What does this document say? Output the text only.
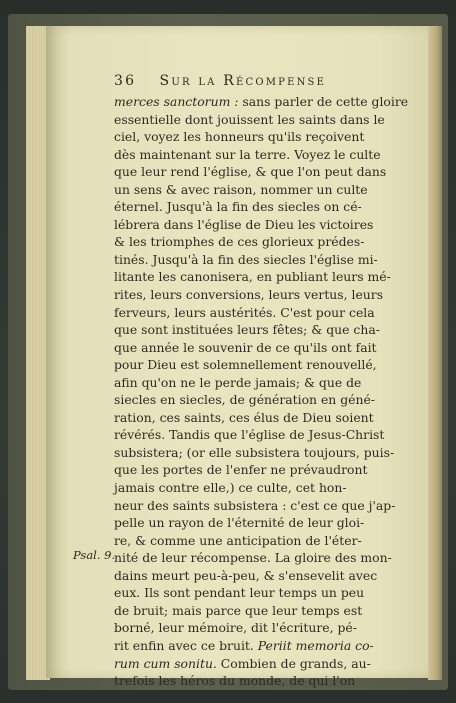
36 Sur la Récompense
merces sanctorum : sans parler de cette gloire
essentielle dont jouissent les saints dans le
ciel, voyez les honneurs qu'ils reçoivent
dès maintenant sur la terre. Voyez le culte
que leur rend l'église, & que l'on peut dans
un sens & avec raison, nommer un culte
éternel. Jusqu'à la fin des siecles on cé-
lébrera dans l'église de Dieu les victoires
& les triomphes de ces glorieux prédes-
tinés. Jusqu'à la fin des siecles l'église mi-
litante les canonisera, en publiant leurs mé-
rites, leurs conversions, leurs vertus, leurs
ferveurs, leurs austérités. C'est pour cela
que sont instituées leurs fêtes; & que cha-
que année le souvenir de ce qu'ils ont fait
pour Dieu est solemnellement renouvellé,
afin qu'on ne le perde jamais; & que de
siecles en siecles, de génération en géné-
ration, ces saints, ces élus de Dieu soient
révérés. Tandis que l'église de Jesus-Christ
subsistera; (or elle subsistera toujours, puis-
que les portes de l'enfer ne prévaudront
jamais contre elle,) ce culte, cet hon-
neur des saints subsistera : c'est ce que j'ap-
pelle un rayon de l'éternité de leur gloi-
re, & comme une anticipation de l'éter-
nité de leur récompense. La gloire des mon-
dains meurt peu-à-peu, & s'ensevelit avec
eux. Ils sont pendant leur temps un peu
de bruit; mais parce que leur temps est
borné, leur mémoire, dit l'écriture, pé-
rit enfin avec ce bruit. Periit memoria co-
rum cum sonitu. Combien de grands, au-
trefois les héros du monde, de qui l'on
Psal. 9.
